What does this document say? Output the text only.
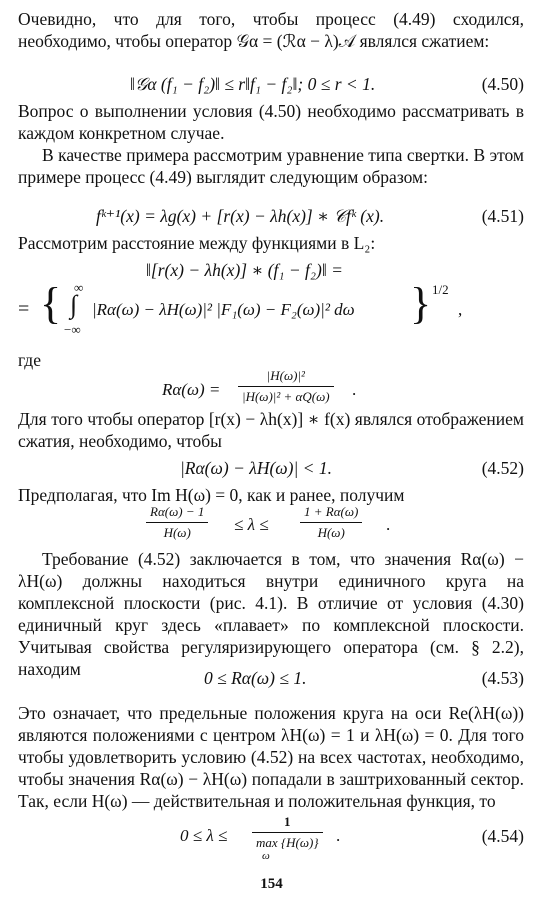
Очевидно, что для того, чтобы процесс (4.49) сходился, необходимо, чтобы оператор 𝒢α = (ℛα − λ)𝒜 являлся сжатием:

‖𝒢α (f₁ − f₂)‖ ≤ r‖f₁ − f₂‖; 0 ≤ r < 1.	(4.50)

Вопрос о выполнении условия (4.50) необходимо рассматривать в каждом конкретном случае.

В качестве примера рассмотрим уравнение типа свертки. В этом примере процесс (4.49) выглядит следующим образом:

fᵏ⁺¹(x) = λg(x) + [r(x) − λh(x)] ∗ 𝒞fᵏ (x).	(4.51)

Рассмотрим расстояние между функциями в L₂:

‖[r(x) − λh(x)] ∗ (f₁ − f₂)‖ =
= { ∞
∫
−∞
|Rα(ω) − λH(ω)|² |F₁(ω) − F₂(ω)|² dω } 1/2
,
где
$R\alpha(\omega) = \frac{\text{|H(ω)|²}}{\text{|H(ω)|² + αQ(ω)}}$ .

Для того чтобы оператор [r(x) − λh(x)] ∗ f(x) являлся отображением сжатия, необходимо, чтобы

|Rα(ω) − λH(ω)| < 1.	(4.52)

Предполагая, что Im H(ω) = 0, как и ранее, получим

$\frac{R\alpha(\omega) - 1}{H(\omega)} \le \lambda \le \frac{1 + R\alpha(\omega)}{H(\omega)}$ .

Требование (4.52) заключается в том, что значения Rα(ω) − λH(ω) должны находиться внутри единичного круга на комплексной плоскости (рис. 4.1). В отличие от условия (4.30) единичный круг здесь «плавает» по комплексной плоскости. Учитывая свойства регуляризирующего оператора (см. § 2.2), находим	0 ≤ Rα(ω) ≤ 1.	(4.53)

Это означает, что предельные положения круга на оси Re(λH(ω)) являются положениями с центром λH(ω) = 1 и λH(ω) = 0. Для того чтобы удовлетворить условию (4.52) на всех частотах, необходимо, чтобы значения Rα(ω) − λH(ω) попадали в заштрихованный сектор. Так, если H(ω) — действительная и положительная функция, то

0 ≤ λ ≤
1
max {H(ω)}
ω
.	(4.54)
154
